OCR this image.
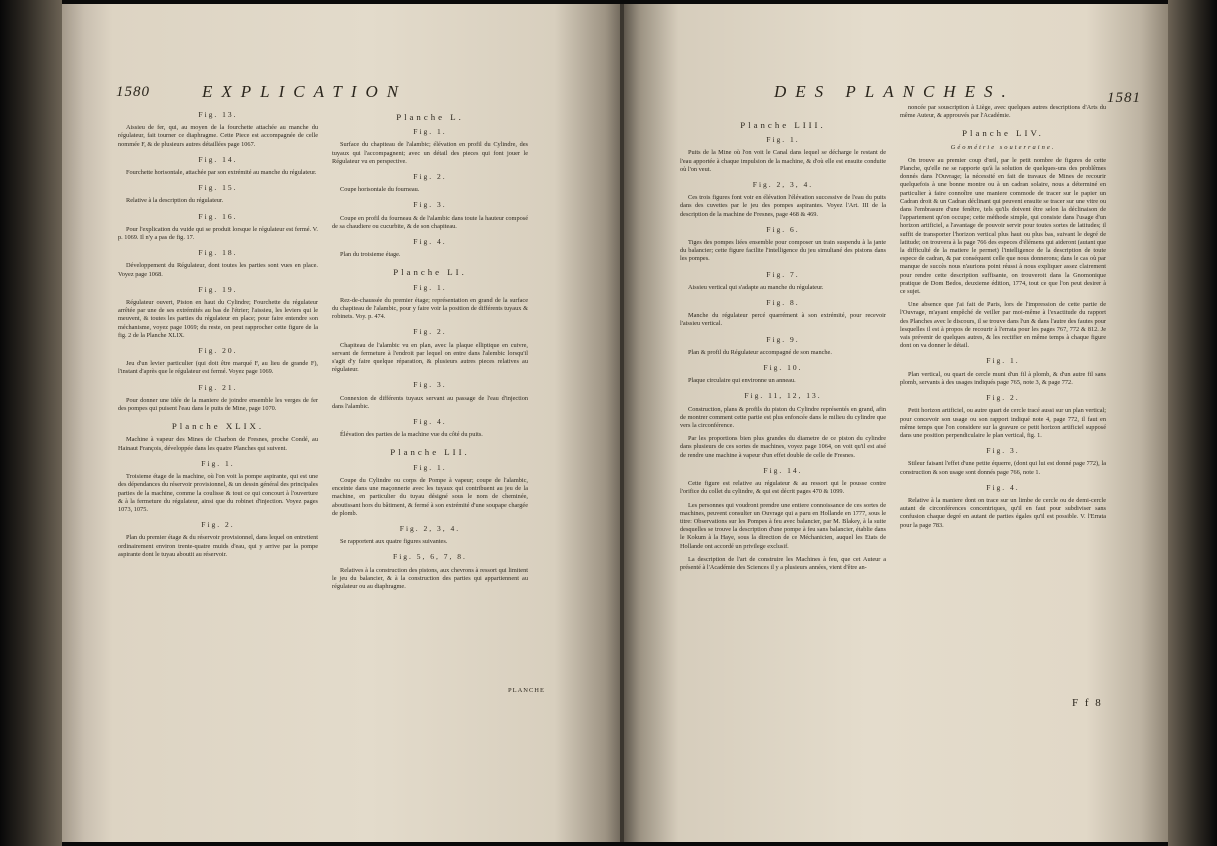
1580	EXPLICATION
Fig. 13.

Aissieu de fer, qui, au moyen de la fourchette attachée au manche du régulateur, fait tourner ce diaphragme. Cette Piece est accompagnée de celle nommée F, & de plusieurs autres détaillées page 1067.

Fig. 14.

Fourchette horisontale, attachée par son extrémité au manche du régulateur.

Fig. 15.

Relative à la description du régulateur.

Fig. 16.

Pour l'explication du vuide qui se produit lorsque le régulateur est fermé. V. p. 1069. Il n'y a pas de fig. 17.

Fig. 18.

Développement du Régulateur, dont toutes les parties sont vues en place. Voyez page 1068.

Fig. 19.

Régulateur ouvert, Piston en haut du Cylindre; Fourchette du régulateur arrêtée par une de ses extrémités au bas de l'étrier; l'aissieu, les leviers qui le meuvent, & toutes les parties du régulateur en place; pour faire entendre son méchanisme, voyez page 1069; du reste, on peut rapprocher cette figure de la fig. 2 de la Planche XLIX.

Fig. 20.

Jeu d'un levier particulier (qui doit être marqué F, au lieu de grande F), l'instant d'après que le régulateur est fermé. Voyez page 1069.

Fig. 21.

Pour donner une idée de la maniere de joindre ensemble les verges de fer des pompes qui puisent l'eau dans le puits de Mine, page 1070.

Planche XLIX.

Machine à vapeur des Mines de Charbon de Fresnes, proche Condé, au Hainaut François, développée dans les quatre Planches qui suivent.

Fig. 1.

Troisieme étage de la machine, où l'on voit la pompe aspirante, qui est une des dépendances du réservoir provisionnel, & un dessin général des principales parties de la machine, comme la coulisse & tout ce qui concourt à l'ouverture & à la fermeture du régulateur, ainsi que du robinet d'injection. Voyez pages 1073, 1075.

Fig. 2.

Plan du premier étage & du réservoir provisionnel, dans lequel on entretient ordinairement environ trente-quatre muids d'eau, qui y arrive par la pompe aspirante dont le tuyau aboutit au réservoir.

Planche L.
Fig. 1.

Surface du chapiteau de l'alambic; élévation en profil du Cylindre, des tuyaux qui l'accompagnent; avec un détail des pieces qui font jouer le Régulateur vu en perspective.

Fig. 2.

Coupe horisontale du fourneau.

Fig. 3.

Coupe en profil du fourneau & de l'alambic dans toute la hauteur composé de sa chaudiere ou cucurbite, & de son chapiteau.

Fig. 4.

Plan du troisieme étage.

Planche LI.
Fig. 1.

Rez-de-chaussée du premier étage; représentation en grand de la surface du chapiteau de l'alambic, pour y faire voir la position de différents tuyaux & robinets. Voy. p. 474.

Fig. 2.

Chapiteau de l'alambic vu en plan, avec la plaque elliptique en cuivre, servant de fermeture à l'endroit par lequel on entre dans l'alembic lorsqu'il s'agit d'y faire quelque réparation, & plusieurs autres pieces relatives au régulateur.

Fig. 3.

Connexion de différents tuyaux servant au passage de l'eau d'injection dans l'alambic.

Fig. 4.

Élévation des parties de la machine vue du côté du puits.

Planche LII.
Fig. 1.

Coupe du Cylindre ou corps de Pompe à vapeur; coupe de l'alambic, enceinte dans une maçonnerie avec les tuyaux qui contribuent au jeu de la machine, en particulier du tuyau désigné sous le nom de cheminée, aboutissant hors du bâtiment, & fermé à son extrémité d'une soupape chargée de plomb.

Fig. 2, 3, 4.

Se rapportent aux quatre figures suivantes.

Fig. 5, 6, 7, 8.

Relatives à la construction des pistons, aux chevrons à ressort qui limitent le jeu du balancier, & à la construction des parties qui appartiennent au régulateur ou au diaphragme.

PLANCHE
DES PLANCHES.	1581
Planche LIII.
Fig. 1.

Puits de la Mine où l'on voit le Canal dans lequel se décharge le restant de l'eau apportée à chaque impulsion de la machine, & d'où elle est ensuite conduite où l'on veut.

Fig. 2, 3, 4.

Ces trois figures font voir en élévation l'élévation successive de l'eau du puits dans des cuvettes par le jeu des pompes aspirantes. Voyez l'Art. III de la description de la machine de Fresnes, page 468 & 469.

Fig. 6.

Tiges des pompes liées ensemble pour composer un train suspendu à la jante du balancier; cette figure facilite l'intelligence du jeu simultané des pistons dans les pompes.

Fig. 7.

Aissieu vertical qui s'adapte au manche du régulateur.

Fig. 8.

Manche du régulateur percé quarrément à son extrémité, pour recevoir l'aissieu vertical.

Fig. 9.

Plan & profil du Régulateur accompagné de son manche.

Fig. 10.

Plaque circulaire qui environne un anneau.

Fig. 11, 12, 13.

Construction, plans & profils du piston du Cylindre représentés en grand, afin de montrer comment cette partie est plus enfoncée dans le milieu du cylindre que vers la circonférence.

Par les proportions bien plus grandes du diametre de ce piston du cylindre dans plusieurs de ces sortes de machines, voyez page 1064, on voit qu'il est aisé de rendre une machine à vapeur d'un effet double de celle de Fresnes.

Fig. 14.

Cette figure est relative au régulateur & au ressort qui le pousse contre l'orifice du collet du cylindre, & qui est décrit pages 470 & 1099.

Les personnes qui voudront prendre une entiere connoissance de ces sortes de machines, peuvent consulter un Ouvrage qui a paru en Hollande en 1777, sous le titre: Observations sur les Pompes à feu avec balancier, par M. Blakey, à la suite desquelles se trouve la description d'une pompe à feu sans balancier, établie dans le Kokum à la Haye, sous la direction de ce Méchanicien, auquel les Etats de Hollande ont accordé un privilege exclusif.

La description de l'art de construire les Machines à feu, que cet Auteur a présenté à l'Académie des Sciences il y a plusieurs années, vient d'être an-

noncée par souscription à Liège, avec quelques autres descriptions d'Arts du même Auteur, & approuvés par l'Académie.

Planche LIV.
Géométrie souterraine.

On trouve au premier coup d'œil, par le petit nombre de figures de cette Planche, qu'elle ne se rapporte qu'à la solution de quelques-uns des problêmes donnés dans l'Ouvrage; la nécessité en fait de travaux de Mines de recourir quelquefois à une bonne montre ou à un cadran solaire, nous a déterminé en particulier à faire connoître une maniere commode de tracer sur le papier un Cadran droit & un Cadran déclinant qui peuvent ensuite se tracer sur une vitre ou dans l'embrasure d'une fenêtre, tels qu'ils doivent être selon la déclinaison de l'appartement qu'on occupe; cette méthode simple, qui consiste dans l'usage d'un horizon artificiel, a l'avantage de pouvoir servir pour toutes sortes de latitudes; il suffit de transporter l'horizon vertical plus haut ou plus bas, suivant le degré de latitude; on trouvera à la page 766 des especes d'élémens qui aideront (autant que la difficulté de la matiere le permet) l'intelligence de la description de toute espece de cadran, & par conséquent celle que nous donnerons; dans le cas où par manque de succès nous n'aurions point réussi à nous expliquer assez clairement pour rendre cette description suffisante, on trouveroit dans la Gnomonique pratique de Dom Bedos, deuxieme édition, 1774, tout ce que l'on peut desirer à ce sujet.

Une absence que j'ai fait de Paris, lors de l'impression de cette partie de l'Ouvrage, m'ayant empêché de veiller par moi-même à l'exactitude du rapport des Planches avec le discours, il se trouve dans l'un & dans l'autre des fautes pour lesquelles il est à propos de recourir à l'errata pour les pages 767, 772 & 812. Je vais prévenir de quelques autres, & les rectifier en même temps à chaque figure dont on va donner le détail.

Fig. 1.

Plan vertical, ou quart de cercle muni d'un fil à plomb, & d'un autre fil sans plomb, servants à des usages indiqués page 765, note 3, & page 772.

Fig. 2.

Petit horizon artificiel, ou autre quart de cercle tracé aussi sur un plan vertical; pour concevoir son usage ou son rapport indiqué note 4, page 772, il faut en même temps que l'on considere sur la gravure ce petit horizon artificiel supposé dans une position perpendiculaire le plan vertical, fig. 1.

Fig. 3.

Stileur faisant l'effet d'une petite équerre, (dont qui lui est donné page 772), la construction & son usage sont donnés page 766, note 1.

Fig. 4.

Relative à la maniere dont on trace sur un limbe de cercle ou de demi-cercle autant de circonférences concentriques, qu'il en faut pour subdiviser sans confusion chaque degré en autant de parties égales qu'il est possible. V. l'Errata pour la page 783.

F f 8
